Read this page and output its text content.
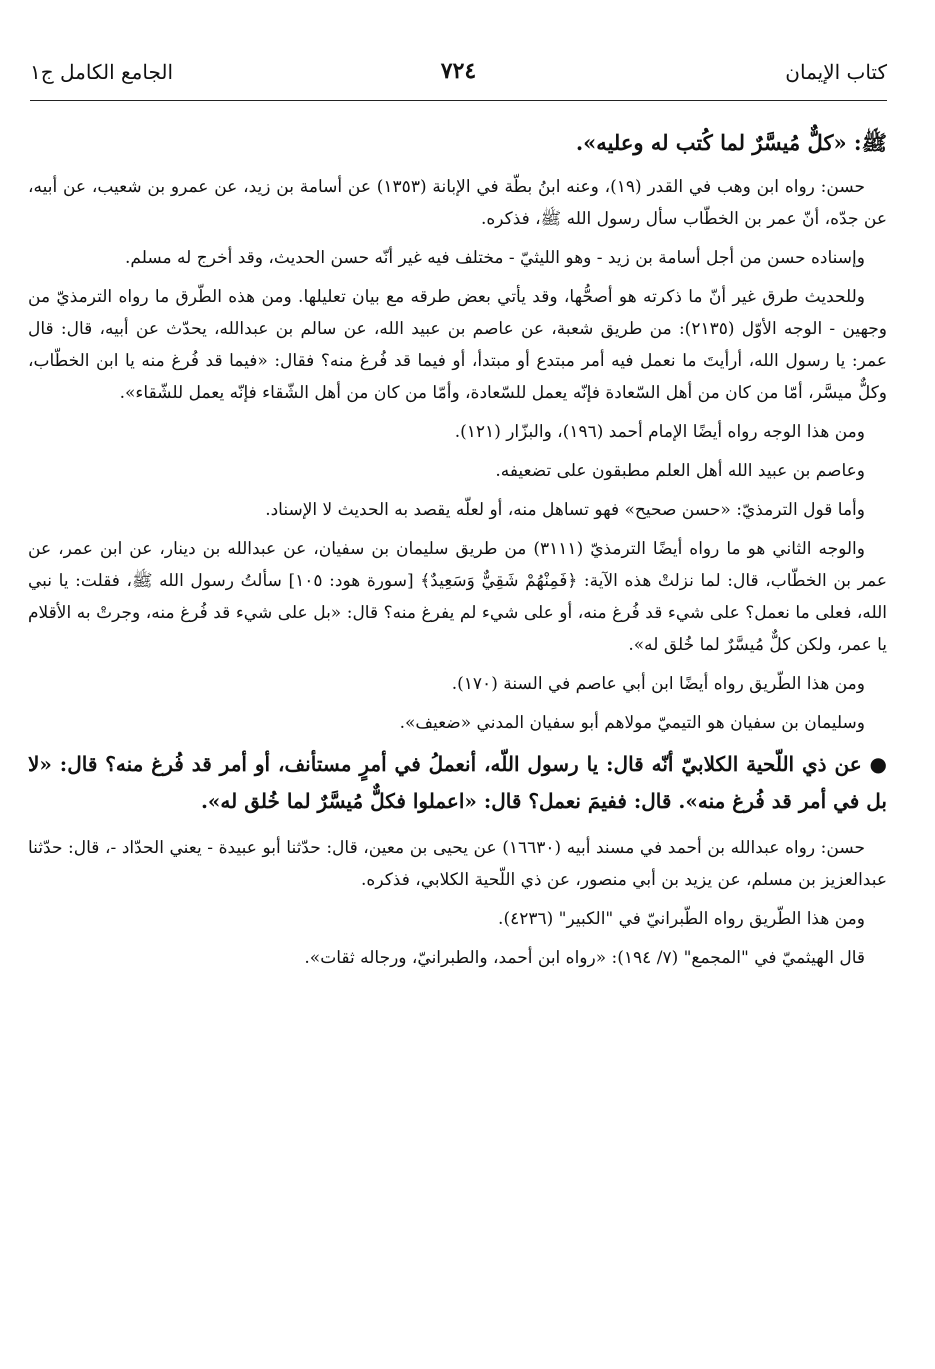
كتاب الإيمان
٧٢٤
الجامع الكامل ج١

ﷺ: «كلٌّ مُيسَّرٌ لما كُتب له وعليه».

حسن: رواه ابن وهب في القدر (١٩)، وعنه ابنُ بطّة في الإبانة (١٣٥٣) عن أسامة بن زيد، عن عمرو بن شعيب، عن أبيه، عن جدّه، أنّ عمر بن الخطّاب سأل رسول الله ﷺ، فذكره.

وإسناده حسن من أجل أسامة بن زيد - وهو الليثيّ - مختلف فيه غير أنّه حسن الحديث، وقد أخرج له مسلم.

وللحديث طرق غير أنّ ما ذكرته هو أصحُّها، وقد يأتي بعض طرقه مع بيان تعليلها. ومن هذه الطّرق ما رواه الترمذيّ من وجهين - الوجه الأوّل (٢١٣٥): من طريق شعبة، عن عاصم بن عبيد الله، عن سالم بن عبدالله، يحدّث عن أبيه، قال: قال عمر: يا رسول الله، أرأيتَ ما نعمل فيه أمر مبتدع أو مبتدأ، أو فيما قد فُرغ منه؟ فقال: «فيما قد فُرغ منه يا ابن الخطّاب، وكلٌّ ميسَّر، أمّا من كان من أهل السّعادة فإنّه يعمل للسّعادة، وأمّا من كان من أهل الشّقاء فإنّه يعمل للشّقاء».

ومن هذا الوجه رواه أيضًا الإمام أحمد (١٩٦)، والبزّار (١٢١).

وعاصم بن عبيد الله أهل العلم مطبقون على تضعيفه.

وأما قول الترمذيّ: «حسن صحيح» فهو تساهل منه، أو لعلّه يقصد به الحديث لا الإسناد.

والوجه الثاني هو ما رواه أيضًا الترمذيّ (٣١١١) من طريق سليمان بن سفيان، عن عبدالله بن دينار، عن ابن عمر، عن عمر بن الخطّاب، قال: لما نزلتْ هذه الآية: ﴿فَمِنْهُمْ شَقِيٌّ وَسَعِيدٌ﴾ [سورة هود: ١٠٥] سألتُ رسول الله ﷺ، فقلت: يا نبي الله، فعلى ما نعمل؟ على شيء قد فُرغ منه، أو على شيء لم يفرغ منه؟ قال: «بل على شيء قد فُرغ منه، وجرتْ به الأقلام يا عمر، ولكن كلٌّ مُيسَّرٌ لما خُلق له».

ومن هذا الطّريق رواه أيضًا ابن أبي عاصم في السنة (١٧٠).

وسليمان بن سفيان هو التيميّ مولاهم أبو سفيان المدني «ضعيف».

● عن ذي اللّحية الكلابيّ أنّه قال: يا رسول اللّه، أنعملُ في أمرٍ مستأنف، أو أمر قد فُرغ منه؟ قال: «لا بل في أمر قد فُرغ منه». قال: ففيمَ نعمل؟ قال: «اعملوا فكلٌّ مُيسَّرٌ لما خُلق له».

حسن: رواه عبدالله بن أحمد في مسند أبيه (١٦٦٣٠) عن يحيى بن معين، قال: حدّثنا أبو عبيدة - يعني الحدّاد -، قال: حدّثنا عبدالعزيز بن مسلم، عن يزيد بن أبي منصور، عن ذي اللّحية الكلابي، فذكره.

ومن هذا الطّريق رواه الطّبرانيّ في "الكبير" (٤٢٣٦).

قال الهيثميّ في "المجمع" (٧/ ١٩٤): «رواه ابن أحمد، والطبرانيّ، ورجاله ثقات».
